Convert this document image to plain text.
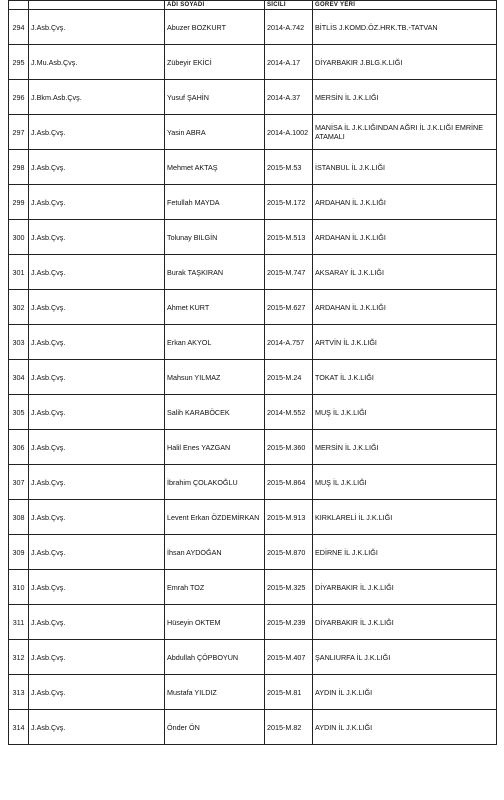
		ADI SOYADI	SİCİLİ	GÖREV YERİ
294	J.Asb.Çvş.	Abuzer BOZKURT	2014-A.742	BİTLİS J.KOMD.ÖZ.HRK.TB.-TATVAN
295	J.Mu.Asb.Çvş.	Zübeyir EKİCİ	2014-A.17	DİYARBAKIR J.BLG.K.LIĞI
296	J.Bkm.Asb.Çvş.	Yusuf ŞAHİN	2014-A.37	MERSİN İL J.K.LIĞI
297	J.Asb.Çvş.	Yasin ABRA	2014-A.1002	MANİSA İL J.K.LIĞINDAN AĞRI İL J.K.LIĞI EMRİNE ATAMALI
298	J.Asb.Çvş.	Mehmet AKTAŞ	2015-M.53	İSTANBUL İL J.K.LIĞI
299	J.Asb.Çvş.	Fetullah MAYDA	2015-M.172	ARDAHAN İL J.K.LIĞI
300	J.Asb.Çvş.	Tolunay BILGİN	2015-M.513	ARDAHAN İL J.K.LIĞI
301	J.Asb.Çvş.	Burak TAŞKIRAN	2015-M.747	AKSARAY İL J.K.LIĞI
302	J.Asb.Çvş.	Ahmet KURT	2015-M.627	ARDAHAN İL J.K.LIĞI
303	J.Asb.Çvş.	Erkan AKYOL	2014-A.757	ARTVİN İL J.K.LIĞI
304	J.Asb.Çvş.	Mahsun YILMAZ	2015-M.24	TOKAT İL J.K.LIĞI
305	J.Asb.Çvş.	Salih KARABÖCEK	2014-M.552	MUŞ İL J.K.LIĞI
306	J.Asb.Çvş.	Halil Enes YAZGAN	2015-M.360	MERSİN İL J.K.LIĞI
307	J.Asb.Çvş.	İbrahim ÇOLAKOĞLU	2015-M.864	MUŞ İL J.K.LIĞI
308	J.Asb.Çvş.	Levent Erkan ÖZDEMİRKAN	2015-M.913	KIRKLARELİ İL J.K.LIĞI
309	J.Asb.Çvş.	İhsan AYDOĞAN	2015-M.870	EDİRNE İL J.K.LIĞI
310	J.Asb.Çvş.	Emrah TOZ	2015-M.325	DİYARBAKIR İL J.K.LIĞI
311	J.Asb.Çvş.	Hüseyin OKTEM	2015-M.239	DİYARBAKIR İL J.K.LIĞI
312	J.Asb.Çvş.	Abdullah ÇÖPBOYUN	2015-M.407	ŞANLIURFA İL J.K.LIĞI
313	J.Asb.Çvş.	Mustafa YILDIZ	2015-M.81	AYDIN İL J.K.LIĞI
314	J.Asb.Çvş.	Önder ÖN	2015-M.82	AYDIN İL J.K.LIĞI
